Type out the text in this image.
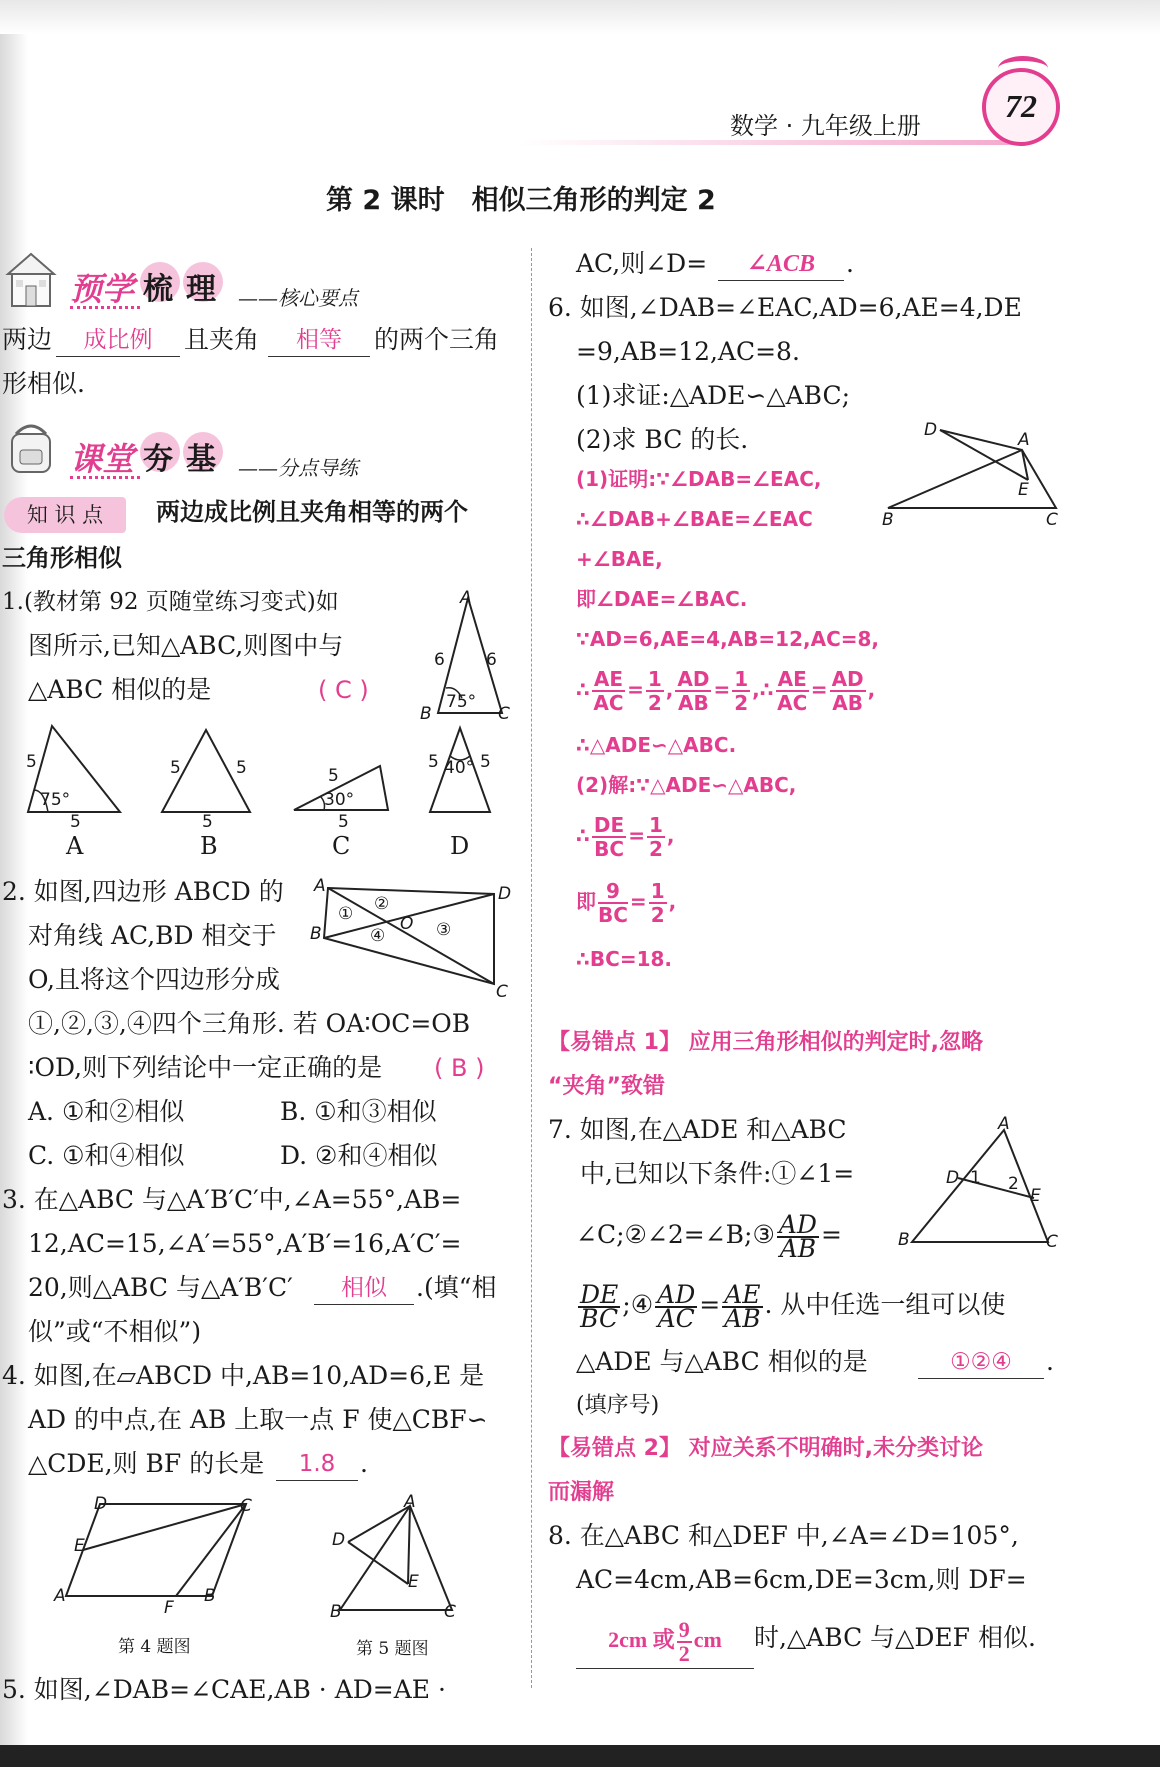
数学 · 九年级上册
72
第 2 课时　相似三角形的判定 2
预学 梳 理 ——核心要点
两边	成比例	且夹角	相等	的两个三角
形相似.
课堂 夯 基 ——分点导练
知 识 点	两边成比例且夹角相等的两个
三角形相似
1.(教材第 92 页随堂练习变式)如
图所示,已知△ABC,则图中与
△ABC 相似的是	( C )
A
6 6
75°
B	C
5
75°
5
5	5
5
5
30°
5
5 40° 5
A	B	C	D
2. 如图,四边形 ABCD 的
对角线 AC,BD 相交于
O,且将这个四边形分成
①,②,③,④四个三角形. 若 OA∶OC=OB
∶OD,则下列结论中一定正确的是 ( B )
A. ①和②相似	B. ①和③相似
C. ①和④相似	D. ②和④相似
A	D
B
C
O
① ②
③
④
3. 在△ABC 与△A′B′C′中,∠A=55°,AB=
12,AC=15,∠A′=55°,A′B′=16,A′C′=
20,则△ABC 与△A′B′C′	相似	.(填“相
似”或“不相似”)
4. 如图,在▱ABCD 中,AB=10,AD=6,E 是
AD 的中点,在 AB 上取一点 F 使△CBF∽
△CDE,则 BF 的长是	1.8 .
D	C
E
A
F
B
第 4 题图
A
D
E
B	C
第 5 题图
5. 如图,∠DAB=∠CAE,AB · AD=AE ·
AC,则∠D=	∠ACB	.
6. 如图,∠DAB=∠EAC,AD=6,AE=4,DE
=9,AB=12,AC=8.
(1)求证:△ADE∽△ABC;
(2)求 BC 的长.	D	A
E
B	C
(1)证明:∵∠DAB=∠EAC,
∴∠DAB+∠BAE=∠EAC
+∠BAE,
即∠DAE=∠BAC.
∵AD=6,AE=4,AB=12,AC=8,
∴ $\frac{AE}{AC} = \frac{1}{2}$ , $\frac{AD}{AB} = \frac{1}{2}$ ,∴ $\frac{AE}{AC} = \frac{AD}{AB}$ ,
∴△ADE∽△ABC.
(2)解:∵△ADE∽△ABC,
∴ $\frac{DE}{BC} = \frac{1}{2}$ ,
即 $\frac{9}{BC} = \frac{1}{2}$ ,
∴BC=18.
【易错点 1】 应用三角形相似的判定时,忽略
“夹角”致错
7. 如图,在△ADE 和△ABC
中,已知以下条件:①∠1=
∠C;②∠2=∠B;③ $\frac{AD}{AB}$ =
$\frac{DE}{BC}$ ;④ $\frac{AD}{AC} = \frac{AE}{AB}$ . 从中任选一组可以使
△ADE 与△ABC 相似的是	①②④	.
(填序号)
A
D 1 2
E
B	C
【易错点 2】 对应关系不明确时,未分类讨论
而漏解
8. 在△ABC 和△DEF 中,∠A=∠D=105°,
AC=4cm,AB=6cm,DE=3cm,则 DF=
2cm 或 $\frac{9}{2}$ cm	时,△ABC 与△DEF 相似.
